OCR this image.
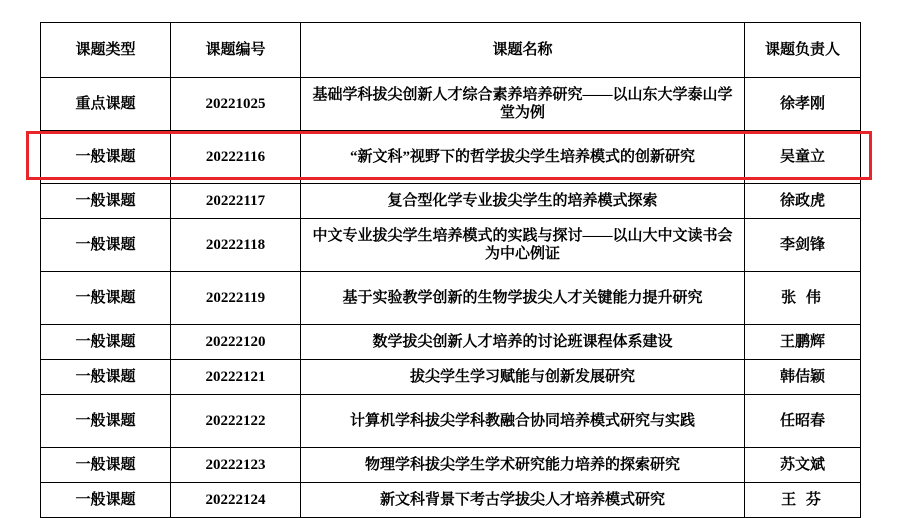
课题类型	课题编号	课题名称	课题负责人
重点课题	20221025	基础学科拔尖创新人才综合素养培养研究——以山东大学泰山学堂为例	徐孝刚
一般课题	20222116	“新文科”视野下的哲学拔尖学生培养模式的创新研究	吴童立
一般课题	20222117	复合型化学专业拔尖学生的培养模式探索	徐政虎
一般课题	20222118	中文专业拔尖学生培养模式的实践与探讨——以山大中文读书会为中心例证	李剑锋
一般课题	20222119	基于实验教学创新的生物学拔尖人才关键能力提升研究	张 伟
一般课题	20222120	数学拔尖创新人才培养的讨论班课程体系建设	王鹏辉
一般课题	20222121	拔尖学生学习赋能与创新发展研究	韩佶颖
一般课题	20222122	计算机学科拔尖学科教融合协同培养模式研究与实践	任昭春
一般课题	20222123	物理学科拔尖学生学术研究能力培养的探索研究	苏文斌
一般课题	20222124	新文科背景下考古学拔尖人才培养模式研究	王 芬
